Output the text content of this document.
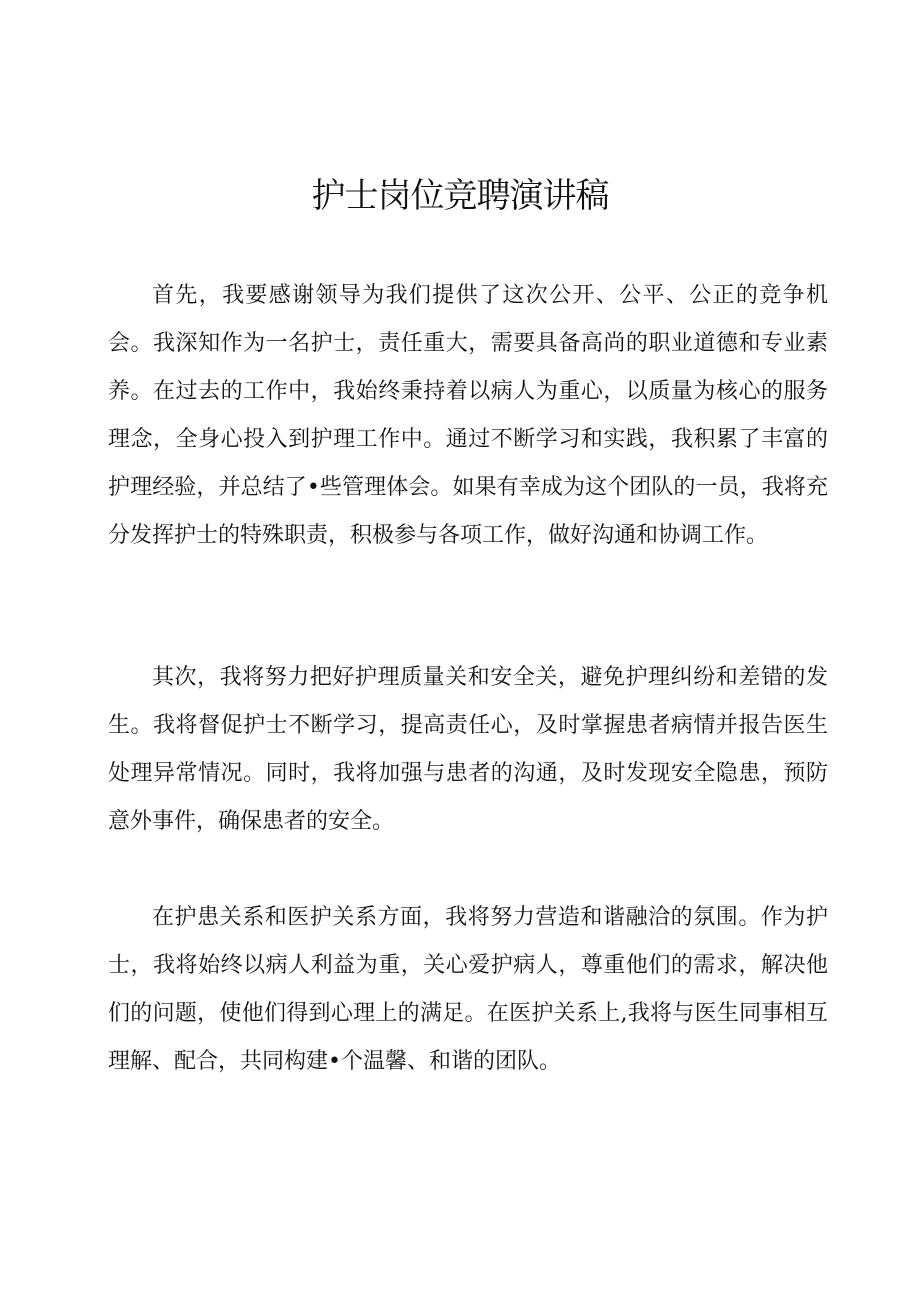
护士岗位竞聘演讲稿

首先，我要感谢领导为我们提供了这次公开、公平、公正的竞争机会。我深知作为一名护士，责任重大，需要具备高尚的职业道德和专业素养。在过去的工作中，我始终秉持着以病人为重心，以质量为核心的服务理念，全身心投入到护理工作中。通过不断学习和实践，我积累了丰富的护理经验，并总结了•些管理体会。如果有幸成为这个团队的一员，我将充分发挥护士的特殊职责，积极参与各项工作，做好沟通和协调工作。

其次，我将努力把好护理质量关和安全关，避免护理纠纷和差错的发生。我将督促护士不断学习，提高责任心，及时掌握患者病情并报告医生处理异常情况。同时，我将加强与患者的沟通，及时发现安全隐患，预防意外事件，确保患者的安全。

在护患关系和医护关系方面，我将努力营造和谐融洽的氛围。作为护士，我将始终以病人利益为重，关心爱护病人，尊重他们的需求，解决他们的问题，使他们得到心理上的满足。在医护关系上,我将与医生同事相互理解、配合，共同构建•个温馨、和谐的团队。
